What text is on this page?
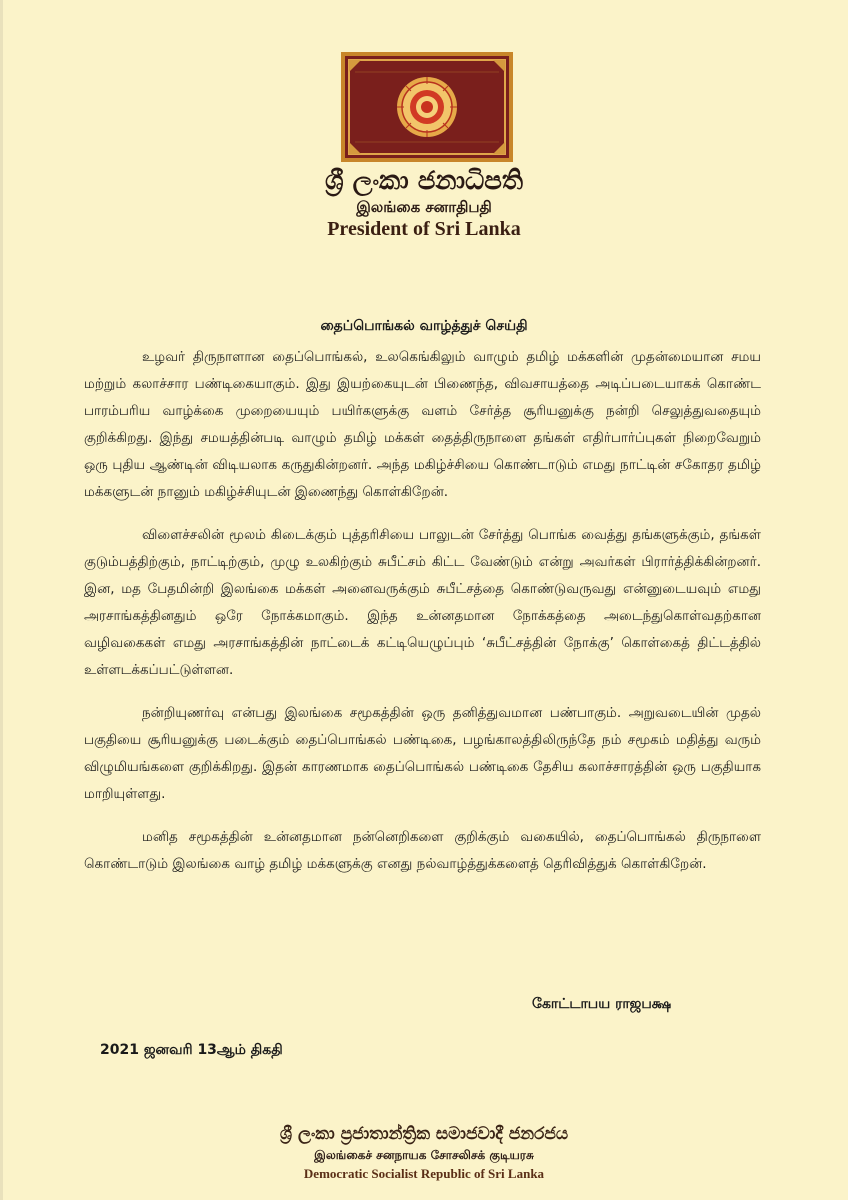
ශ්‍රී ලංකා ජනාධිපති
இலங்கை சனாதிபதி
President of Sri Lanka
தைப்பொங்கல் வாழ்த்துச் செய்தி

உழவர் திருநாளான தைப்பொங்கல், உலகெங்கிலும் வாழும் தமிழ் மக்களின் முதன்மையான சமய மற்றும் கலாச்சார பண்டிகையாகும். இது இயற்கையுடன் பிணைந்த, விவசாயத்தை அடிப்படையாகக் கொண்ட பாரம்பரிய வாழ்க்கை முறையையும் பயிர்களுக்கு வளம் சேர்த்த சூரியனுக்கு நன்றி செலுத்துவதையும் குறிக்கிறது. இந்து சமயத்தின்படி வாழும் தமிழ் மக்கள் தைத்திருநாளை தங்கள் எதிர்பார்ப்புகள் நிறைவேறும் ஒரு புதிய ஆண்டின் விடியலாக கருதுகின்றனர். அந்த மகிழ்ச்சியை கொண்டாடும் எமது நாட்டின் சகோதர தமிழ் மக்களுடன் நானும் மகிழ்ச்சியுடன் இணைந்து கொள்கிறேன்.

விளைச்சலின் மூலம் கிடைக்கும் புத்தரிசியை பாலுடன் சேர்த்து பொங்க வைத்து தங்களுக்கும், தங்கள் குடும்பத்திற்கும், நாட்டிற்கும், முழு உலகிற்கும் சுபீட்சம் கிட்ட வேண்டும் என்று அவர்கள் பிரார்த்திக்கின்றனர். இன, மத பேதமின்றி இலங்கை மக்கள் அனைவருக்கும் சுபீட்சத்தை கொண்டுவருவது என்னுடையவும் எமது அரசாங்கத்தினதும் ஒரே நோக்கமாகும். இந்த உன்னதமான நோக்கத்தை அடைந்துகொள்வதற்கான வழிவகைகள் எமது அரசாங்கத்தின் நாட்டைக் கட்டியெழுப்பும் ‘சுபீட்சத்தின் நோக்கு’ கொள்கைத் திட்டத்தில் உள்ளடக்கப்பட்டுள்ளன.

நன்றியுணர்வு என்பது இலங்கை சமூகத்தின் ஒரு தனித்துவமான பண்பாகும். அறுவடையின் முதல் பகுதியை சூரியனுக்கு படைக்கும் தைப்பொங்கல் பண்டிகை, பழங்காலத்திலிருந்தே நம் சமூகம் மதித்து வரும் விழுமியங்களை குறிக்கிறது. இதன் காரணமாக தைப்பொங்கல் பண்டிகை தேசிய கலாச்சாரத்தின் ஒரு பகுதியாக மாறியுள்ளது.

மனித சமூகத்தின் உன்னதமான நன்னெறிகளை குறிக்கும் வகையில், தைப்பொங்கல் திருநாளை கொண்டாடும் இலங்கை வாழ் தமிழ் மக்களுக்கு எனது நல்வாழ்த்துக்களைத் தெரிவித்துக் கொள்கிறேன்.

கோட்டாபய ராஜபக்ஷ
2021 ஜனவரி 13ஆம் திகதி
ශ්‍රී ලංකා ප්‍රජාතාන්ත්‍රික සමාජවාදී ජනරජය
இலங்கைச் சனநாயக சோசலிசக் குடியரசு
Democratic Socialist Republic of Sri Lanka
